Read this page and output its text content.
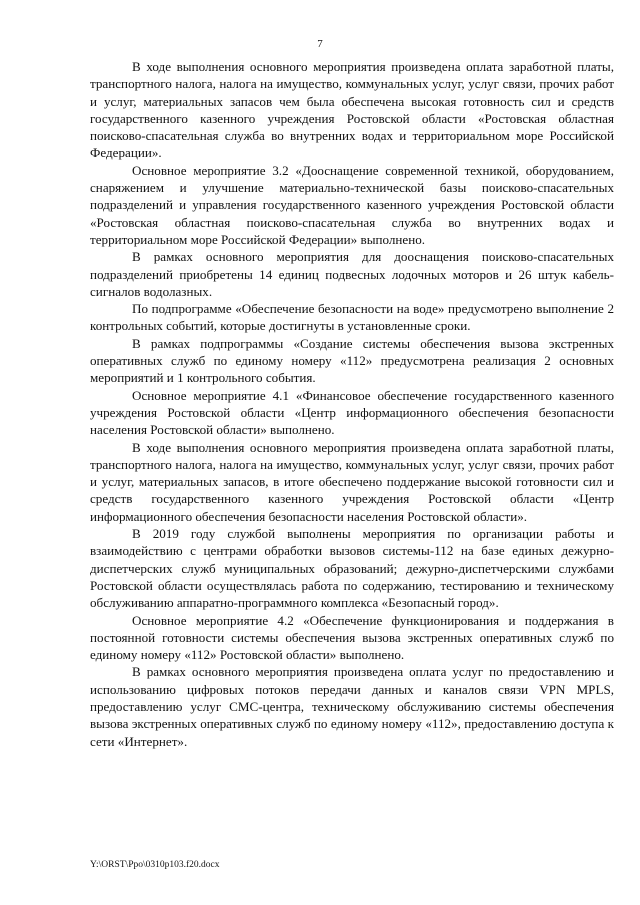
7

В ходе выполнения основного мероприятия произведена оплата заработной платы, транспортного налога, налога на имущество, коммунальных услуг, услуг связи, прочих работ и услуг, материальных запасов чем была обеспечена высокая готовность сил и средств государственного казенного учреждения Ростовской области «Ростовская областная поисково-спасательная служба во внутренних водах и территориальном море Российской Федерации».

Основное мероприятие 3.2 «Дооснащение современной техникой, оборудованием, снаряжением и улучшение материально-технической базы поисково-спасательных подразделений и управления государственного казенного учреждения Ростовской области «Ростовская областная поисково-спасательная служба во внутренних водах и территориальном море Российской Федерации» выполнено.

В рамках основного мероприятия для дооснащения поисково-спасательных подразделений приобретены 14 единиц подвесных лодочных моторов и 26 штук кабель-сигналов водолазных.

По подпрограмме «Обеспечение безопасности на воде» предусмотрено выполнение 2 контрольных событий, которые достигнуты в установленные сроки.

В рамках подпрограммы «Создание системы обеспечения вызова экстренных оперативных служб по единому номеру «112» предусмотрена реализация 2 основных мероприятий и 1 контрольного события.

Основное мероприятие 4.1 «Финансовое обеспечение государственного казенного учреждения Ростовской области «Центр информационного обеспечения безопасности населения Ростовской области» выполнено.

В ходе выполнения основного мероприятия произведена оплата заработной платы, транспортного налога, налога на имущество, коммунальных услуг, услуг связи, прочих работ и услуг, материальных запасов, в итоге обеспечено поддержание высокой готовности сил и средств государственного казенного учреждения Ростовской области «Центр информационного обеспечения безопасности населения Ростовской области».

В 2019 году службой выполнены мероприятия по организации работы и взаимодействию с центрами обработки вызовов системы-112 на базе единых дежурно-диспетчерских служб муниципальных образований; дежурно-диспетчерскими службами Ростовской области осуществлялась работа по содержанию, тестированию и техническому обслуживанию аппаратно-программного комплекса «Безопасный город».

Основное мероприятие 4.2 «Обеспечение функционирования и поддержания в постоянной готовности системы обеспечения вызова экстренных оперативных служб по единому номеру «112» Ростовской области» выполнено.

В рамках основного мероприятия произведена оплата услуг по предоставлению и использованию цифровых потоков передачи данных и каналов связи VPN MPLS, предоставлению услуг СМС-центра, техническому обслуживанию системы обеспечения вызова экстренных оперативных служб по единому номеру «112», предоставлению доступа к сети «Интернет».

Y:\ORST\Ppo\0310p103.f20.docx
